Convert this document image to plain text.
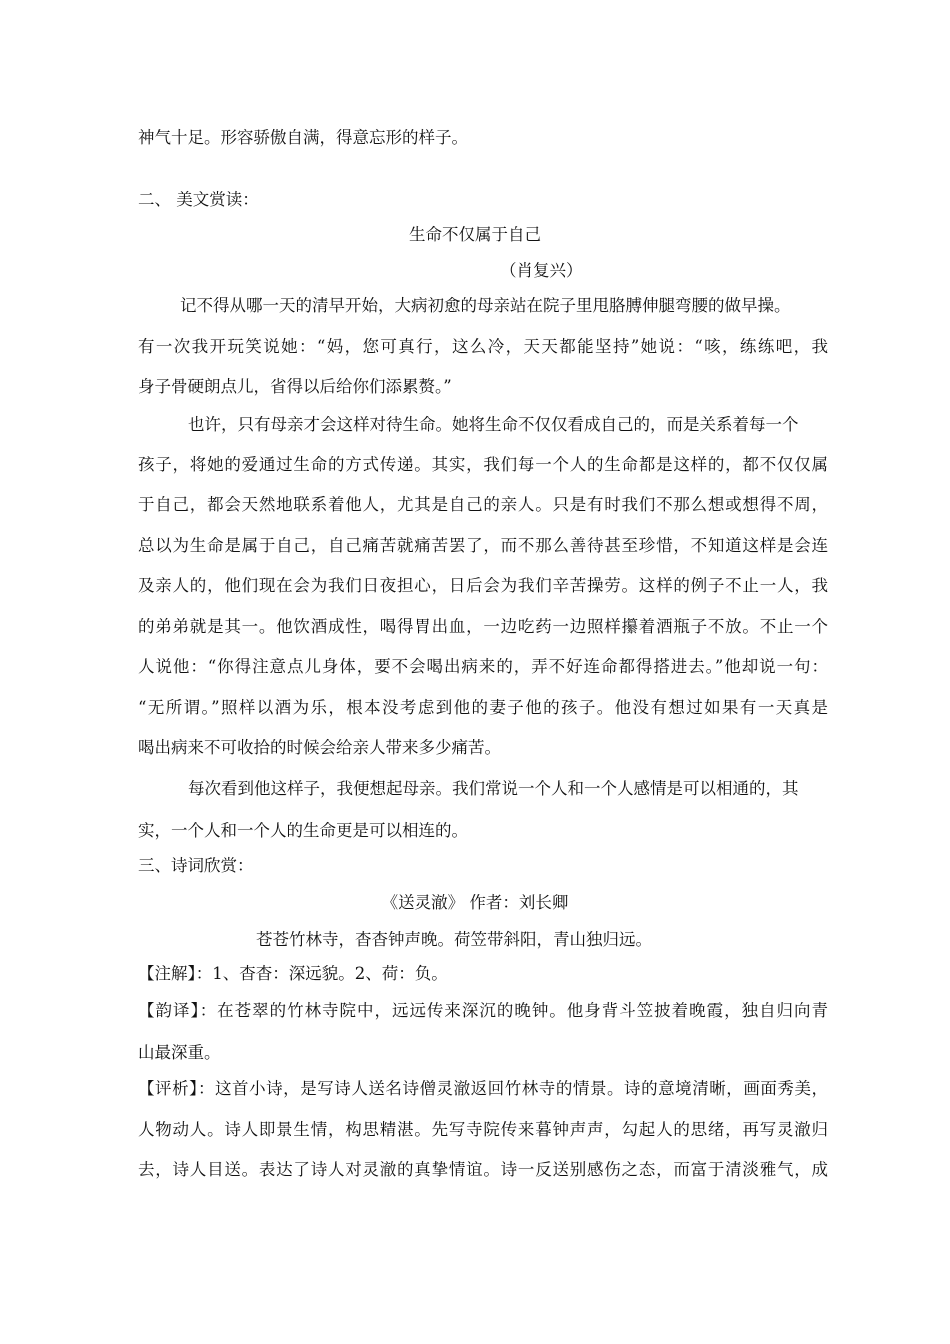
神气十足。形容骄傲自满，得意忘形的样子。
二、 美文赏读：
生命不仅属于自己
（肖复兴）
记不得从哪一天的清早开始，大病初愈的母亲站在院子里甩胳膊伸腿弯腰的做早操。
有一次我开玩笑说她：“妈，您可真行，这么冷，天天都能坚持”她说：“咳，练练吧，我
身子骨硬朗点儿，省得以后给你们添累赘。”
也许，只有母亲才会这样对待生命。她将生命不仅仅看成自己的，而是关系着每一个
孩子，将她的爱通过生命的方式传递。其实，我们每一个人的生命都是这样的，都不仅仅属
于自己，都会天然地联系着他人，尤其是自己的亲人。只是有时我们不那么想或想得不周，
总以为生命是属于自己，自己痛苦就痛苦罢了，而不那么善待甚至珍惜，不知道这样是会连
及亲人的，他们现在会为我们日夜担心，日后会为我们辛苦操劳。这样的例子不止一人，我
的弟弟就是其一。他饮酒成性，喝得胃出血，一边吃药一边照样攥着酒瓶子不放。不止一个
人说他：“你得注意点儿身体，要不会喝出病来的，弄不好连命都得搭进去。”他却说一句：
“无所谓。”照样以酒为乐，根本没考虑到他的妻子他的孩子。他没有想过如果有一天真是
喝出病来不可收拾的时候会给亲人带来多少痛苦。
每次看到他这样子，我便想起母亲。我们常说一个人和一个人感情是可以相通的，其
实，一个人和一个人的生命更是可以相连的。
三、诗词欣赏：
《送灵澈》 作者：刘长卿
苍苍竹林寺，杳杳钟声晚。荷笠带斜阳，青山独归远。
【注解】：1、杳杳：深远貌。2、荷：负。
【韵译】：在苍翠的竹林寺院中，远远传来深沉的晚钟。他身背斗笠披着晚霞，独自归向青
山最深重。
【评析】：这首小诗，是写诗人送名诗僧灵澈返回竹林寺的情景。诗的意境清晰，画面秀美，
人物动人。诗人即景生情，构思精湛。先写寺院传来暮钟声声，勾起人的思绪，再写灵澈归
去，诗人目送。表达了诗人对灵澈的真挚情谊。诗一反送别感伤之态，而富于清淡雅气，成
